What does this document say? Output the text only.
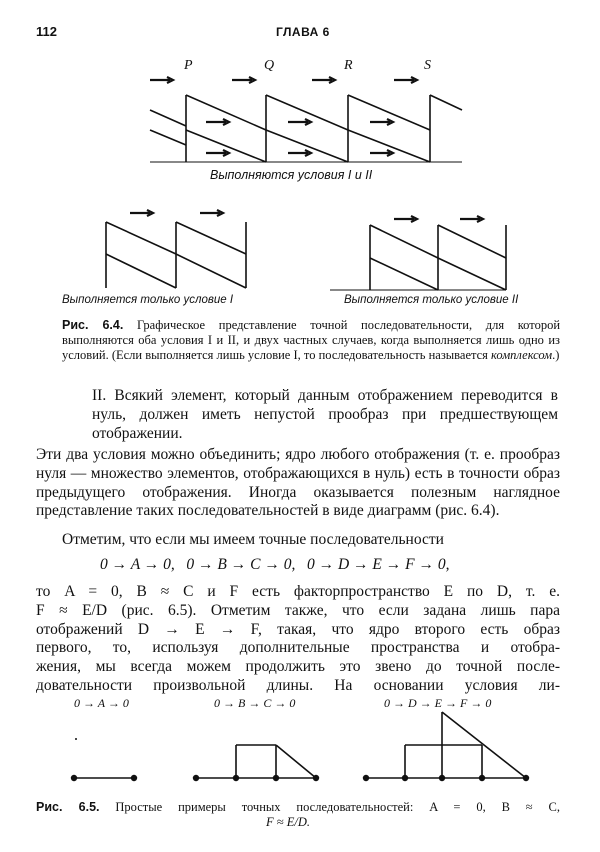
112	ГЛАВА 6
P	Q	R	S
Выполняются условия I и II
Выполняется только условие I	Выполняется только условие II
Рис. 6.4. Графическое представление точной последовательности, для которой выполняются оба условия I и II, и двух частных случаев, когда выполняется лишь одно из условий. (Если выполняется лишь условие I, то последовательность называется комплексом.)
II. Всякий элемент, который данным отображением переводится в нуль, должен иметь непустой прообраз при предшествующем отображении.
Эти два условия можно объединить; ядро любого отображения (т. е. прообраз нуля — множество элементов, отображающихся в нуль) есть в точности образ предыдущего отображения. Иногда оказывается полезным наглядное представление таких последовательностей в виде диаграмм (рис. 6.4).
Отметим, что если мы имеем точные последовательности
0 → A → 0,   0 → B → C → 0,   0 → D → E → F → 0,
то A = 0, B ≈ C и F есть факторпространство E по D, т. е.
F ≈ E/D (рис. 6.5). Отметим также, что если задана лишь пара
отображений D → E → F, такая, что ядро второго есть образ
первого, то, используя дополнительные пространства и отобра-
жения, мы всегда можем продолжить это звено до точной после-
довательности произвольной длины. На основании условия ли-
0 → A → 0	0 → B → C → 0	0 → D → E → F → 0
Рис. 6.5. Простые примеры точных последовательностей: A = 0, B ≈ C,
F ≈ E/D.
